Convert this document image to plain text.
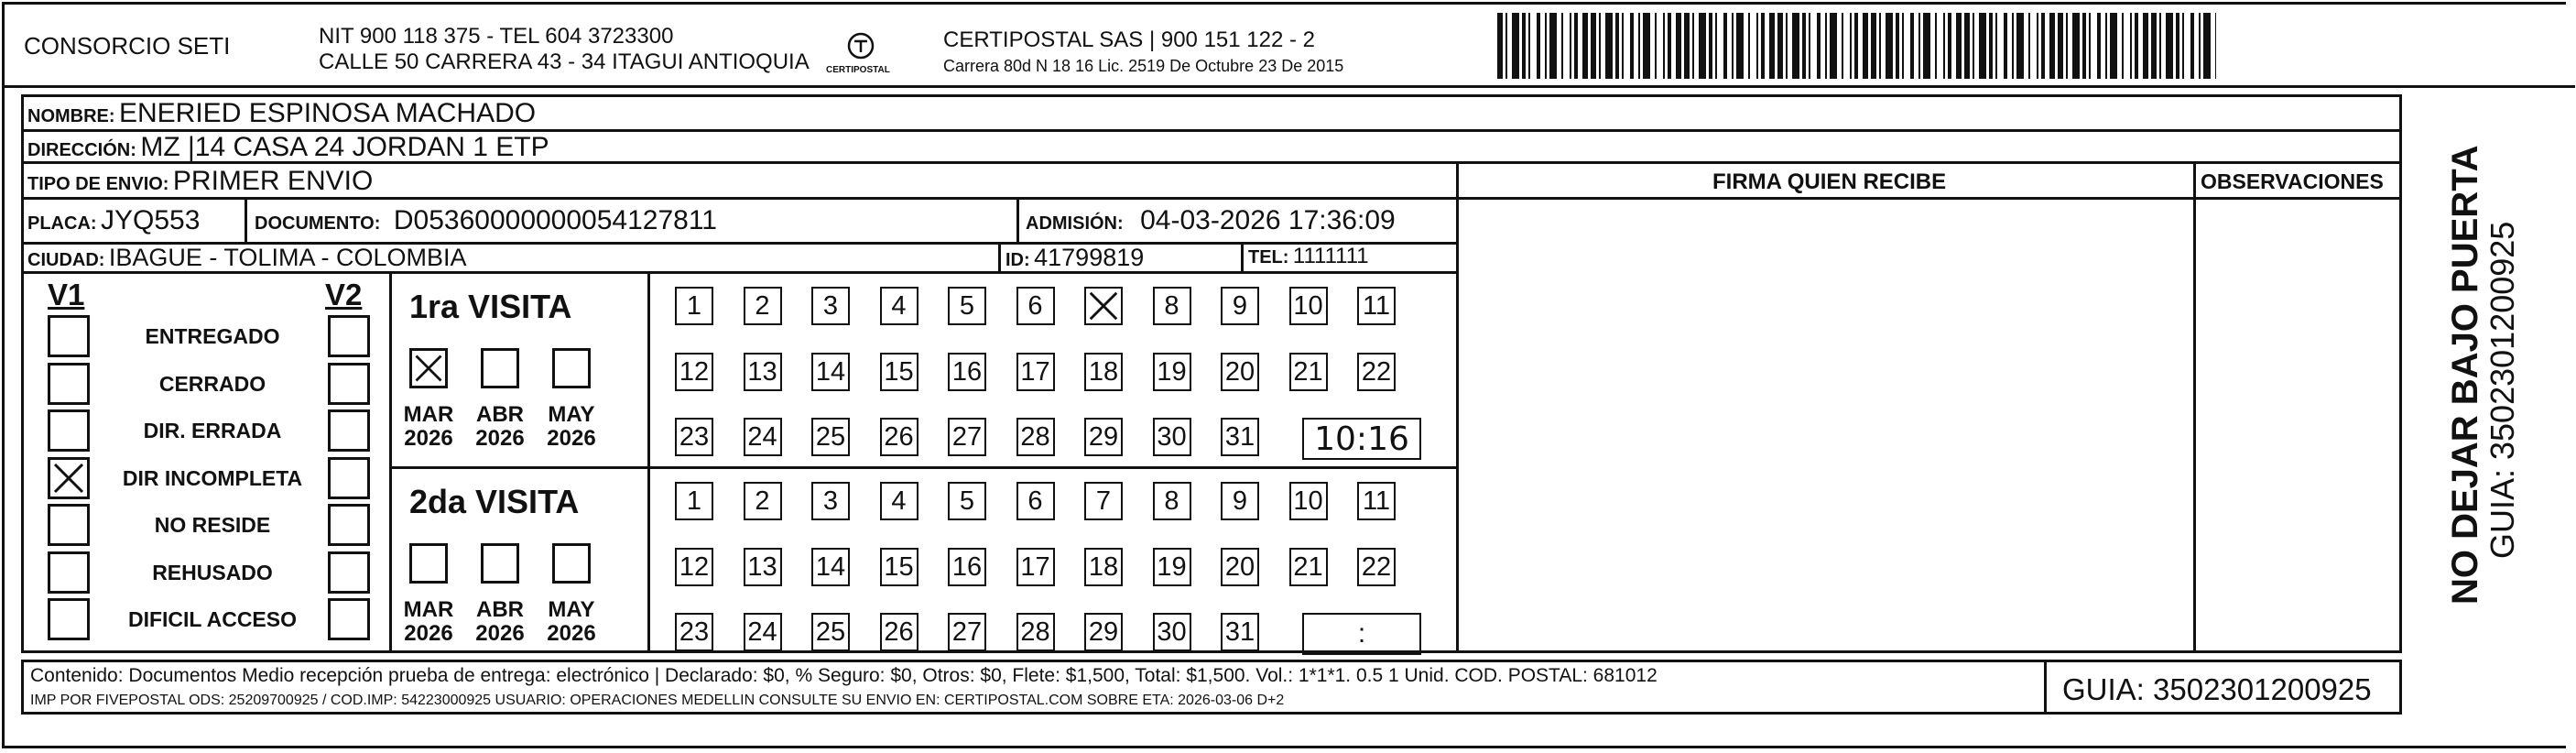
CONSORCIO SETI	NIT 900 118 375 - TEL 604 3723300
CALLE 50 CARRERA 43 - 34 ITAGUI ANTIOQUIA CERTIPOSTAL
CERTIPOSTAL SAS | 900 151 122 - 2
Carrera 80d N 18 16 Lic. 2519 De Octubre 23 De 2015
NOMBRE: ENERIED ESPINOSA MACHADO
DIRECCIÓN: MZ |14 CASA 24 JORDAN 1 ETP
TIPO DE ENVIO: PRIMER ENVIO	FIRMA QUIEN RECIBE	OBSERVACIONES
PLACA: JYQ553	DOCUMENTO: D05360000000054127811	ADMISIÓN: 04-03-2026 17:36:09
CIUDAD: IBAGUE - TOLIMA - COLOMBIA	ID: 41799819	TEL: 1111111
V1	V2
ENTREGADO
CERRADO
DIR. ERRADA
DIR INCOMPLETA
NO RESIDE
REHUSADO
DIFICIL ACCESO
1ra VISITA
MAR
2026
ABR
2026
MAY
2026
1 2 3 4 5 6	8 9 10 11
12 13 14 15 16 17 18 19 20 21 22
23 24 25 26 27 28 29 30 31	10:16
2da VISITA
MAR
2026
ABR
2026
MAY
2026
1 2 3 4 5 6 7 8 9 10 11
12 13 14 15 16 17 18 19 20 21 22
23 24 25 26 27 28 29 30 31	:
Contenido: Documentos Medio recepción prueba de entrega: electrónico | Declarado: $0, % Seguro: $0, Otros: $0, Flete: $1,500, Total: $1,500. Vol.: 1*1*1. 0.5 1 Unid. COD. POSTAL: 681012
IMP POR FIVEPOSTAL ODS: 25209700925 / COD.IMP: 54223000925 USUARIO: OPERACIONES MEDELLIN CONSULTE SU ENVIO EN: CERTIPOSTAL.COM SOBRE ETA: 2026-03-06 D+2	GUIA: 3502301200925
NO DEJAR BAJO PUERTA
GUIA: 3502301200925
